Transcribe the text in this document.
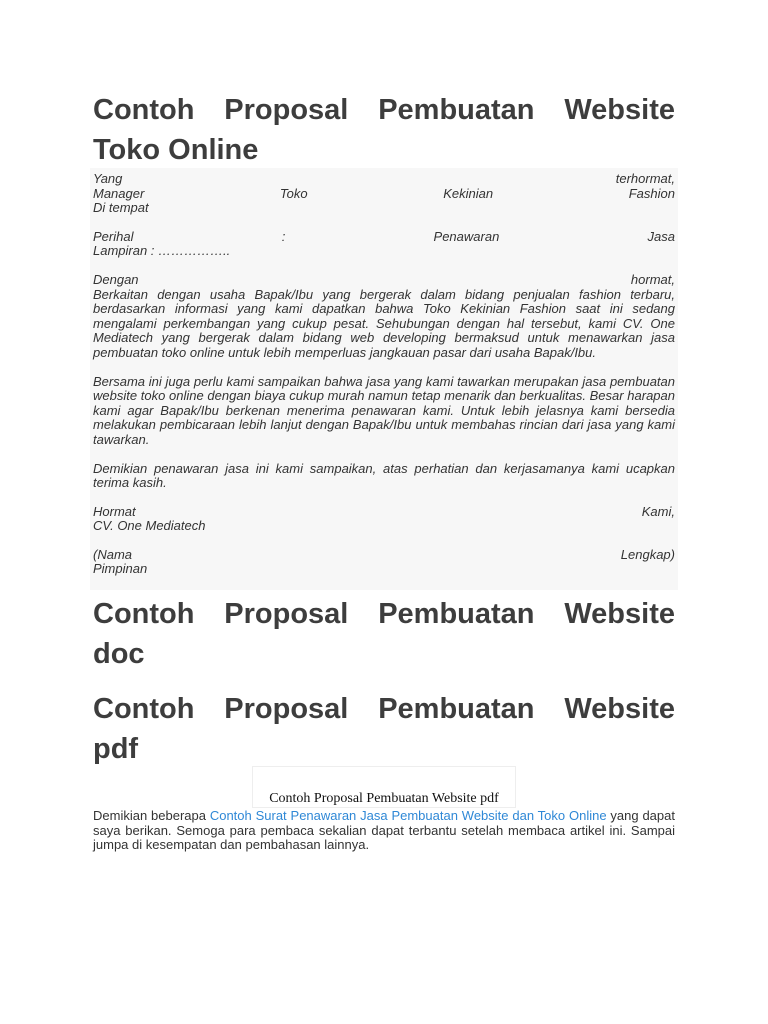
Contoh Proposal Pembuatan Website
Toko Online
Yang	terhormat,
Manager	Toko	Kekinian	Fashion
Di tempat
Perihal	:	Penawaran	Jasa
Lampiran : ……………..
Dengan	hormat,

Berkaitan dengan usaha Bapak/Ibu yang bergerak dalam bidang penjualan fashion terbaru, berdasarkan informasi yang kami dapatkan bahwa Toko Kekinian Fashion saat ini sedang mengalami perkembangan yang cukup pesat. Sehubungan dengan hal tersebut, kami CV. One Mediatech yang bergerak dalam bidang web developing bermaksud untuk menawarkan jasa pembuatan toko online untuk lebih memperluas jangkauan pasar dari usaha Bapak/Ibu.

Bersama ini juga perlu kami sampaikan bahwa jasa yang kami tawarkan merupakan jasa pembuatan website toko online dengan biaya cukup murah namun tetap menarik dan berkualitas. Besar harapan kami agar Bapak/Ibu berkenan menerima penawaran kami. Untuk lebih jelasnya kami bersedia melakukan pembicaraan lebih lanjut dengan Bapak/Ibu untuk membahas rincian dari jasa yang kami tawarkan.

Demikian penawaran jasa ini kami sampaikan, atas perhatian dan kerjasamanya kami ucapkan terima kasih.

Hormat	Kami,
CV. One Mediatech
(Nama	Lengkap)
Pimpinan
Contoh Proposal Pembuatan Website
doc
Contoh Proposal Pembuatan Website
pdf
Contoh Proposal Pembuatan Website pdf
Demikian beberapa Contoh Surat Penawaran Jasa Pembuatan Website dan Toko Online yang dapat saya berikan. Semoga para pembaca sekalian dapat terbantu setelah membaca artikel ini. Sampai jumpa di kesempatan dan pembahasan lainnya.
